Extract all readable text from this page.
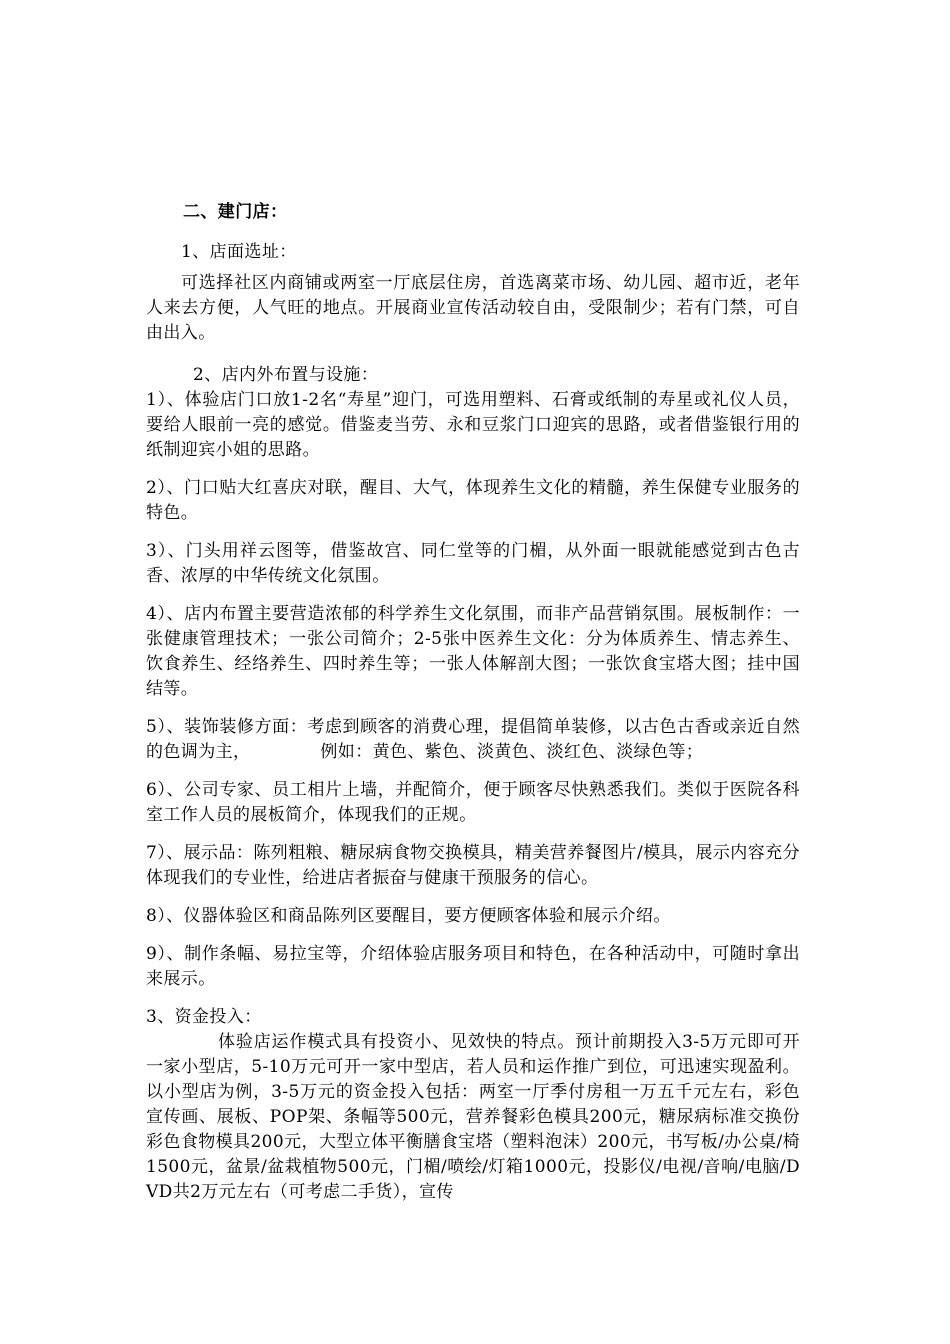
二、建门店：

1、店面选址：

可选择社区内商铺或两室一厅底层住房，首选离菜市场、幼儿园、超市近，老年人来去方便，人气旺的地点。开展商业宣传活动较自由，受限制少；若有门禁，可自由出入。

2、店内外布置与设施：

1）、体验店门口放1-2名“寿星”迎门，可选用塑料、石膏或纸制的寿星或礼仪人员，要给人眼前一亮的感觉。借鉴麦当劳、永和豆浆门口迎宾的思路，或者借鉴银行用的纸制迎宾小姐的思路。

2）、门口贴大红喜庆对联，醒目、大气，体现养生文化的精髓，养生保健专业服务的特色。

3）、门头用祥云图等，借鉴故宫、同仁堂等的门楣，从外面一眼就能感觉到古色古香、浓厚的中华传统文化氛围。

4）、店内布置主要营造浓郁的科学养生文化氛围，而非产品营销氛围。展板制作：一张健康管理技术；一张公司简介；2-5张中医养生文化：分为体质养生、情志养生、饮食养生、经络养生、四时养生等；一张人体解剖大图；一张饮食宝塔大图；挂中国结等。

5）、装饰装修方面：考虑到顾客的消费心理，提倡简单装修，以古色古香或亲近自然的色调为主，	例如：黄色、紫色、淡黄色、淡红色、淡绿色等；

6）、公司专家、员工相片上墙，并配简介，便于顾客尽快熟悉我们。类似于医院各科室工作人员的展板简介，体现我们的正规。

7）、展示品：陈列粗粮、糖尿病食物交换模具，精美营养餐图片/模具，展示内容充分体现我们的专业性，给进店者振奋与健康干预服务的信心。

8）、仪器体验区和商品陈列区要醒目，要方便顾客体验和展示介绍。

9）、制作条幅、易拉宝等，介绍体验店服务项目和特色，在各种活动中，可随时拿出来展示。

3、资金投入：

体验店运作模式具有投资小、见效快的特点。预计前期投入3-5万元即可开一家小型店，5-10万元可开一家中型店，若人员和运作推广到位，可迅速实现盈利。以小型店为例，3-5万元的资金投入包括：两室一厅季付房租一万五千元左右，彩色宣传画、展板、POP架、条幅等500元，营养餐彩色模具200元，糖尿病标准交换份彩色食物模具200元，大型立体平衡膳食宝塔（塑料泡沫）200元，书写板/办公桌/椅1500元，盆景/盆栽植物500元，门楣/喷绘/灯箱1000元，投影仪/电视/音响/电脑/DVD共2万元左右（可考虑二手货），宣传
